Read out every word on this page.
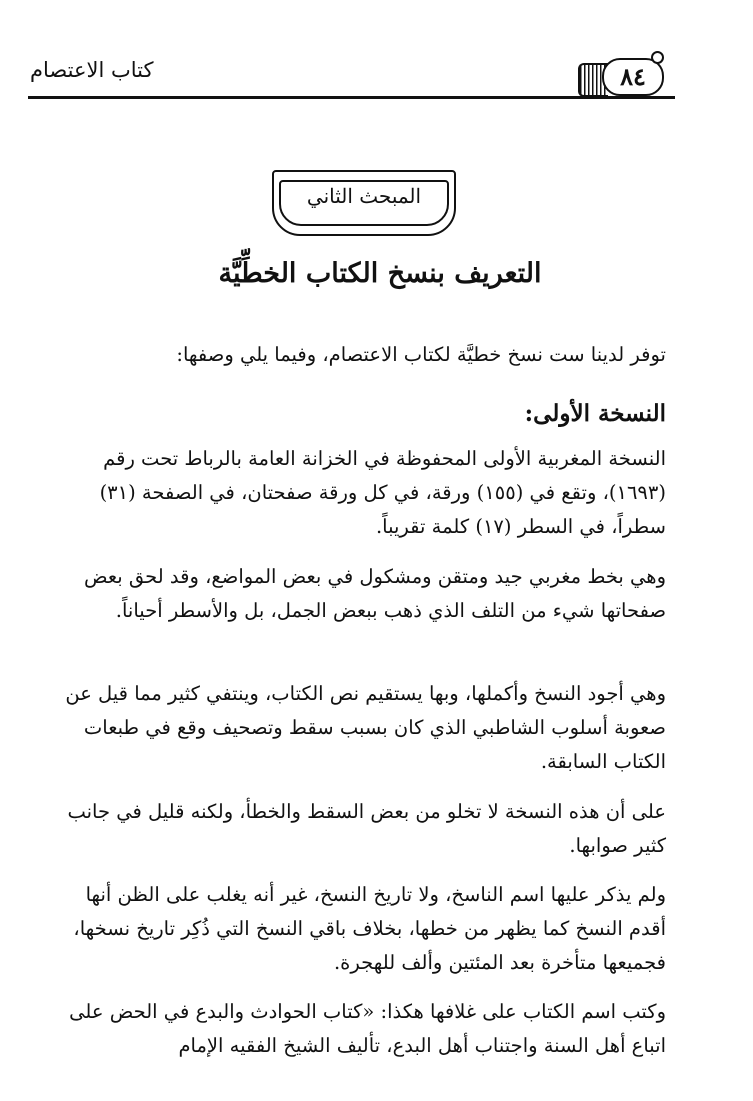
٨٤
كتاب الاعتصام
المبحث الثاني
التعريف بنسخ الكتاب الخطِّيَّة
توفر لدينا ست نسخ خطيَّة لكتاب الاعتصام، وفيما يلي وصفها:
النسخة الأولى:
النسخة المغربية الأولى المحفوظة في الخزانة العامة بالرباط تحت رقم (١٦٩٣)، وتقع في (١٥٥) ورقة، في كل ورقة صفحتان، في الصفحة (٣١) سطراً، في السطر (١٧) كلمة تقريباً.
وهي بخط مغربي جيد ومتقن ومشكول في بعض المواضع، وقد لحق بعض صفحاتها شيء من التلف الذي ذهب ببعض الجمل، بل والأسطر أحياناً.
وهي أجود النسخ وأكملها، وبها يستقيم نص الكتاب، وينتفي كثير مما قيل عن صعوبة أسلوب الشاطبي الذي كان بسبب سقط وتصحيف وقع في طبعات الكتاب السابقة.
على أن هذه النسخة لا تخلو من بعض السقط والخطأ، ولكنه قليل في جانب كثير صوابها.
ولم يذكر عليها اسم الناسخ، ولا تاريخ النسخ، غير أنه يغلب على الظن أنها أقدم النسخ كما يظهر من خطها، بخلاف باقي النسخ التي ذُكِر تاريخ نسخها، فجميعها متأخرة بعد المئتين وألف للهجرة.
وكتب اسم الكتاب على غلافها هكذا: «كتاب الحوادث والبدع في الحض على اتباع أهل السنة واجتناب أهل البدع، تأليف الشيخ الفقيه الإمام
